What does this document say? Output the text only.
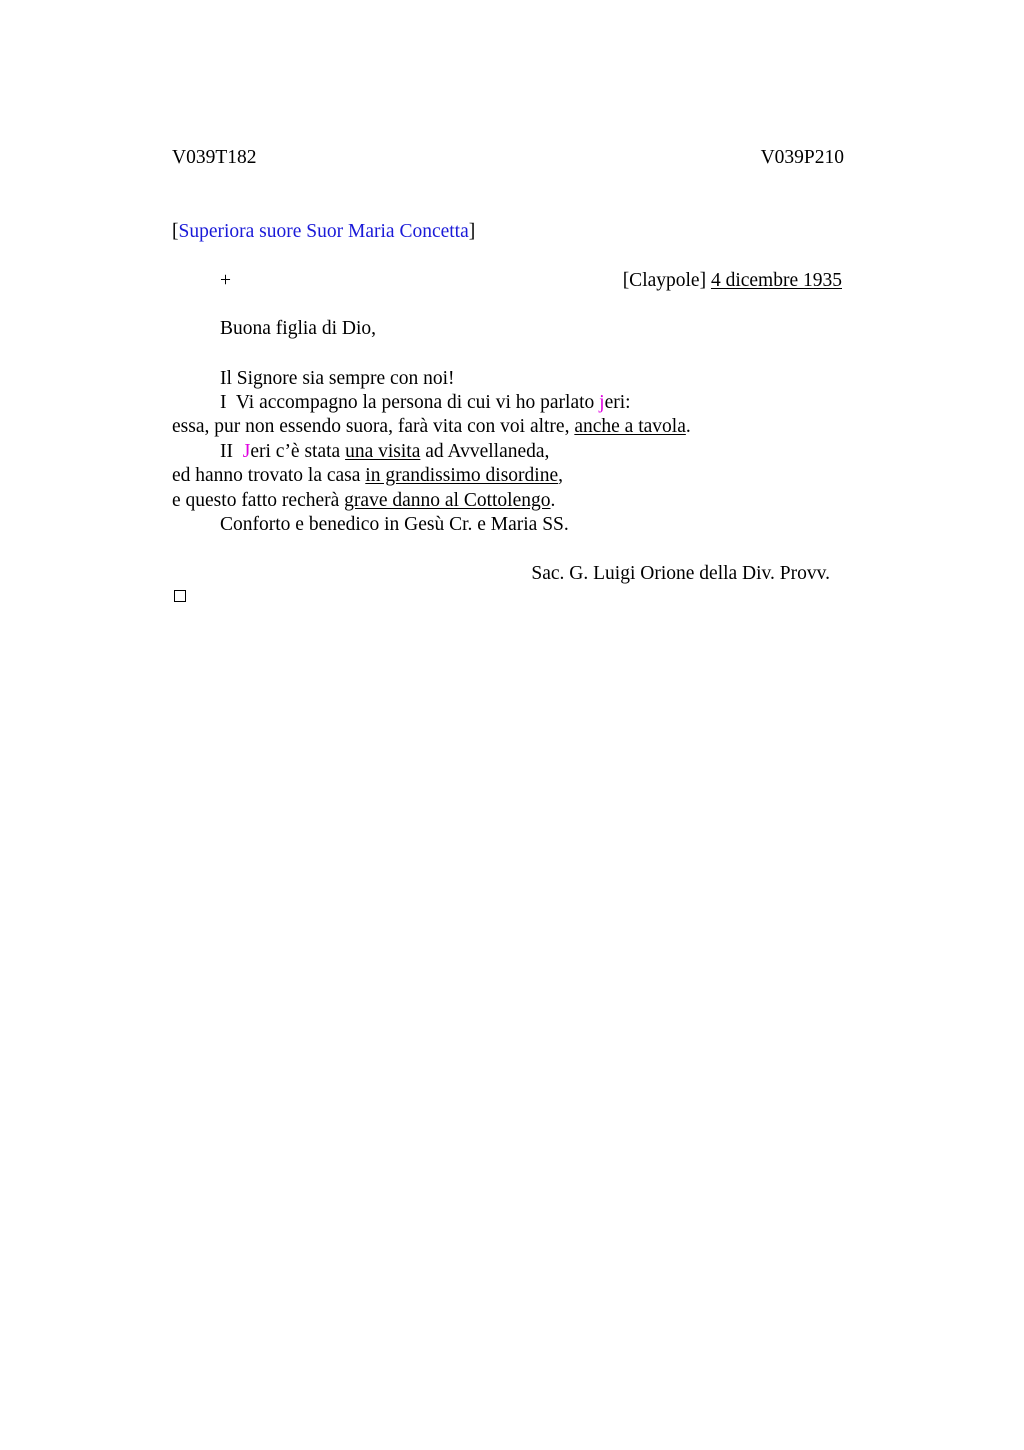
V039T182	V039P210
[Superiora suore Suor Maria Concetta]
+	[Claypole] 4 dicembre 1935
Buona figlia di Dio,
Il Signore sia sempre con noi!
I  Vi accompagno la persona di cui vi ho parlato jeri:
essa, pur non essendo suora, farà vita con voi altre, anche a tavola.
II  Jeri c’è stata una visita ad Avvellaneda,
ed hanno trovato la casa in grandissimo disordine,
e questo fatto recherà grave danno al Cottolengo.
Conforto e benedico in Gesù Cr. e Maria SS.
Sac. G. Luigi Orione della Div. Provv.
